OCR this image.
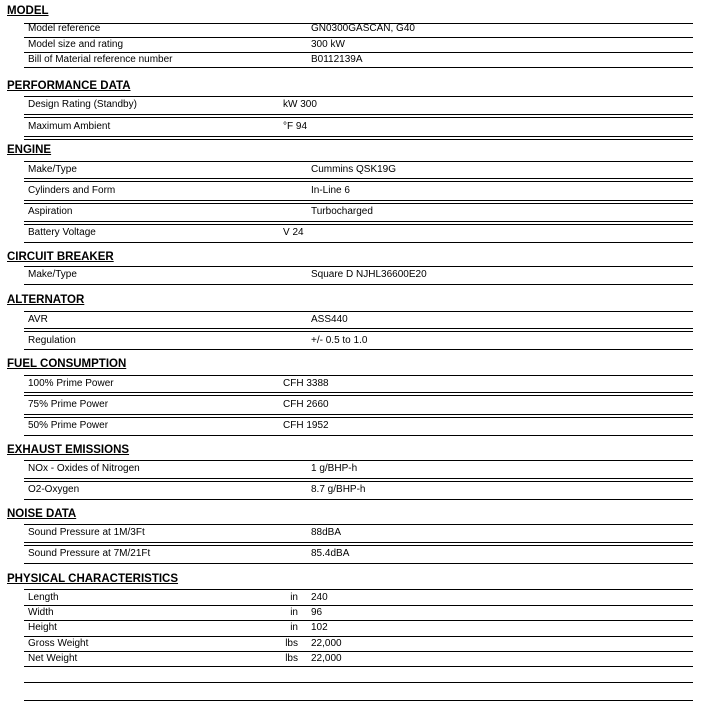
MODEL
Model reference	GN0300GASCAN, G40
Model size and rating	300 kW
Bill of Material reference number	B0112139A
PERFORMANCE DATA
Design Rating (Standby)	kW 300
Maximum Ambient	°F 94
ENGINE
Make/Type	Cummins QSK19G
Cylinders and Form	In-Line 6
Aspiration	Turbocharged
Battery Voltage	V 24
CIRCUIT BREAKER
Make/Type	Square D NJHL36600E20
ALTERNATOR
AVR	ASS440
Regulation	+/- 0.5 to 1.0
FUEL CONSUMPTION
100% Prime Power	CFH 3388
75% Prime Power	CFH 2660
50% Prime Power	CFH 1952
EXHAUST EMISSIONS
NOx - Oxides of Nitrogen	1 g/BHP-h
O2-Oxygen	8.7 g/BHP-h
NOISE DATA
Sound Pressure at 1M/3Ft	88dBA
Sound Pressure at 7M/21Ft	85.4dBA
PHYSICAL CHARACTERISTICS
Length	in 240
Width	in 96
Height	in 102
Gross Weight	lbs 22,000
Net Weight	lbs 22,000
